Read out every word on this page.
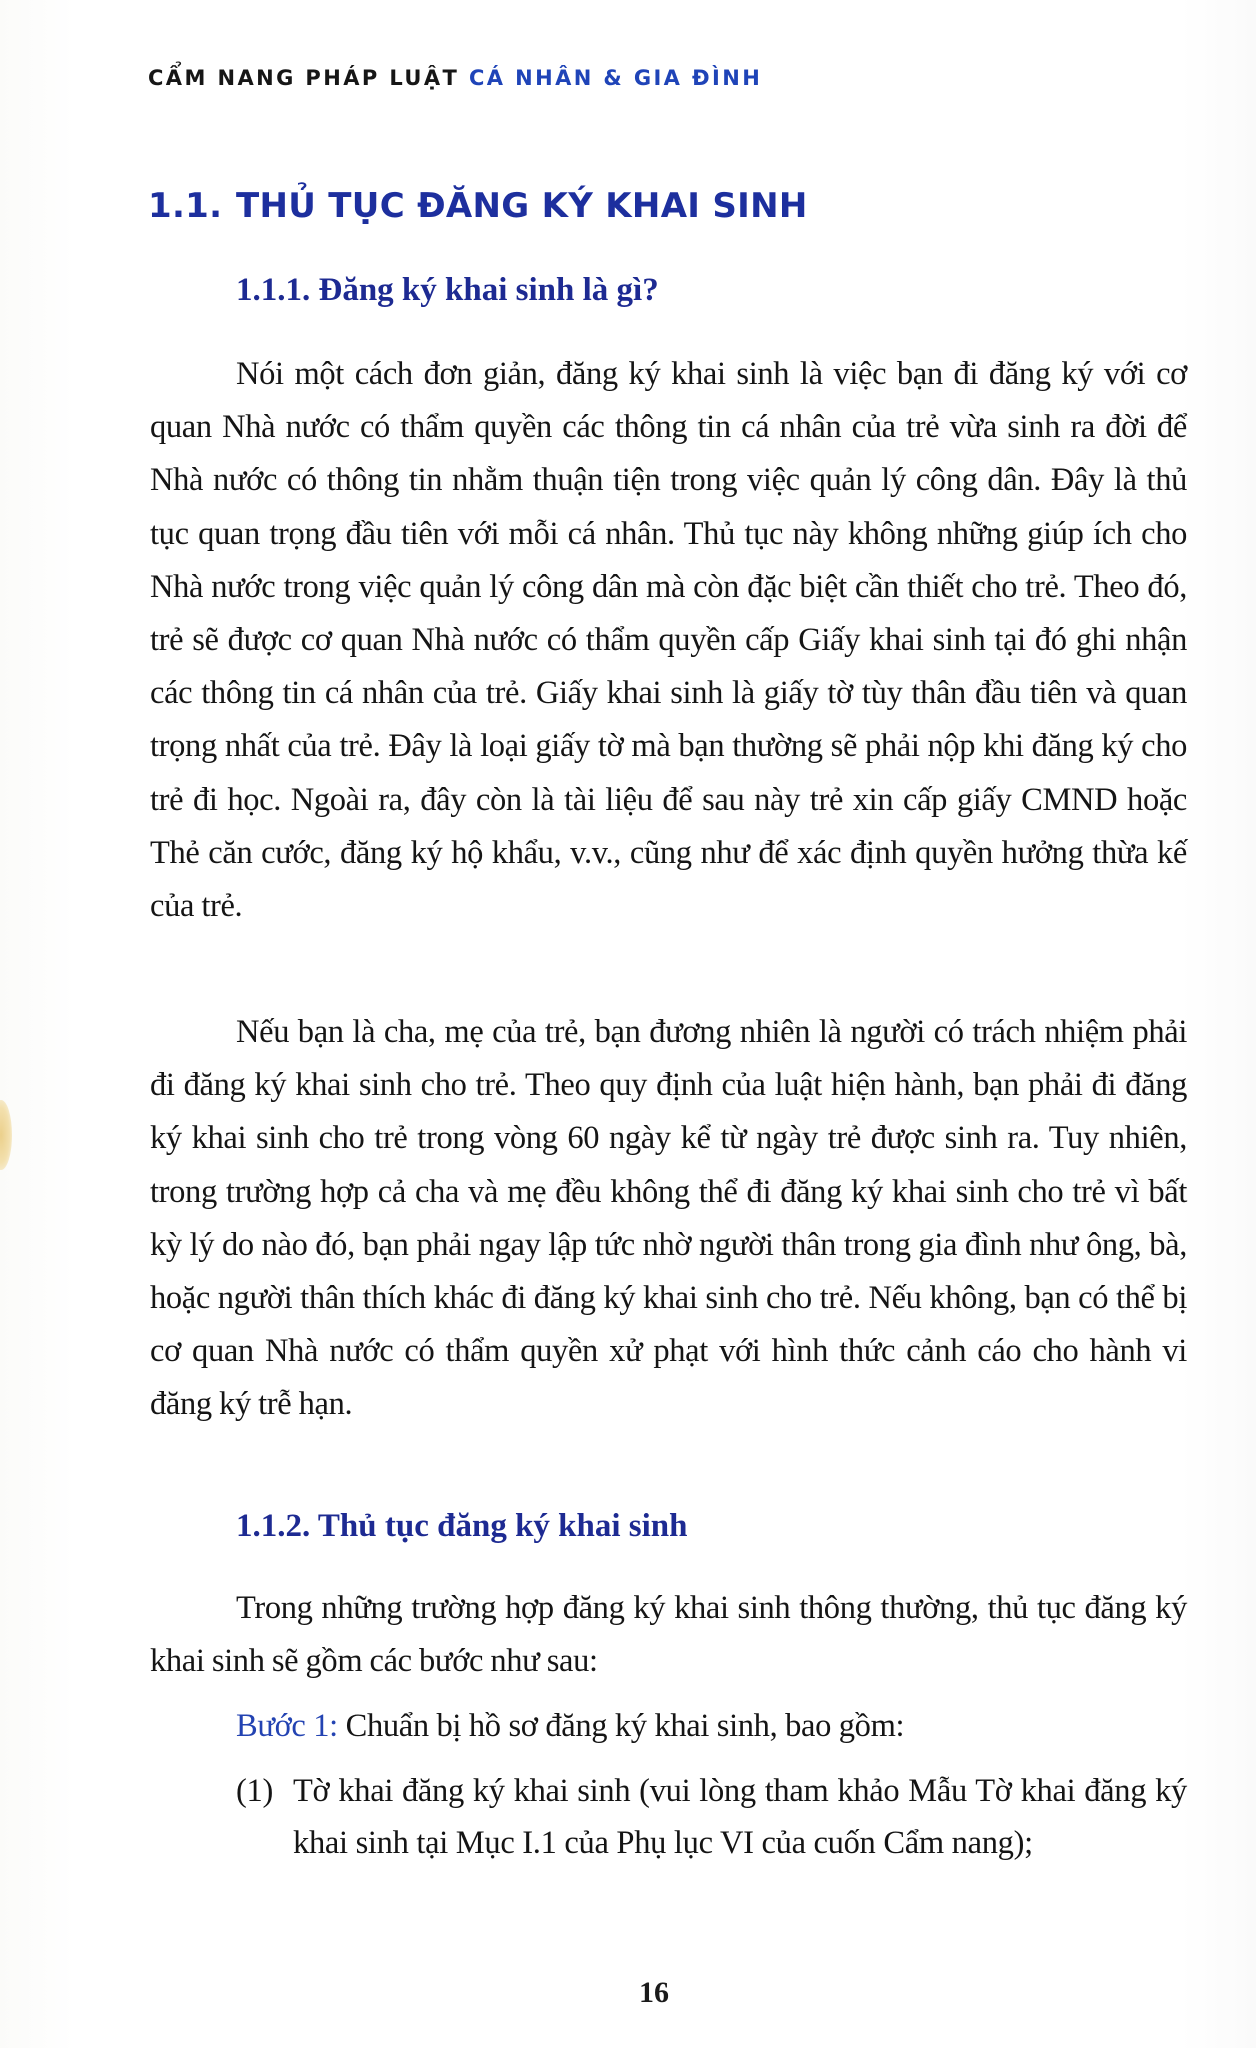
CẨM NANG PHÁP LUẬT CÁ NHÂN & GIA ĐÌNH
1.1. THỦ TỤC ĐĂNG KÝ KHAI SINH
1.1.1. Đăng ký khai sinh là gì?
Nói một cách đơn giản, đăng ký khai sinh là việc bạn đi đăng ký với cơ quan Nhà nước có thẩm quyền các thông tin cá nhân của trẻ vừa sinh ra đời để Nhà nước có thông tin nhằm thuận tiện trong việc quản lý công dân. Đây là thủ tục quan trọng đầu tiên với mỗi cá nhân. Thủ tục này không những giúp ích cho Nhà nước trong việc quản lý công dân mà còn đặc biệt cần thiết cho trẻ. Theo đó, trẻ sẽ được cơ quan Nhà nước có thẩm quyền cấp Giấy khai sinh tại đó ghi nhận các thông tin cá nhân của trẻ. Giấy khai sinh là giấy tờ tùy thân đầu tiên và quan trọng nhất của trẻ. Đây là loại giấy tờ mà bạn thường sẽ phải nộp khi đăng ký cho trẻ đi học. Ngoài ra, đây còn là tài liệu để sau này trẻ xin cấp giấy CMND hoặc Thẻ căn cước, đăng ký hộ khẩu, v.v., cũng như để xác định quyền hưởng thừa kế của trẻ.
Nếu bạn là cha, mẹ của trẻ, bạn đương nhiên là người có trách nhiệm phải đi đăng ký khai sinh cho trẻ. Theo quy định của luật hiện hành, bạn phải đi đăng ký khai sinh cho trẻ trong vòng 60 ngày kể từ ngày trẻ được sinh ra. Tuy nhiên, trong trường hợp cả cha và mẹ đều không thể đi đăng ký khai sinh cho trẻ vì bất kỳ lý do nào đó, bạn phải ngay lập tức nhờ người thân trong gia đình như ông, bà, hoặc người thân thích khác đi đăng ký khai sinh cho trẻ. Nếu không, bạn có thể bị cơ quan Nhà nước có thẩm quyền xử phạt với hình thức cảnh cáo cho hành vi đăng ký trễ hạn.
1.1.2. Thủ tục đăng ký khai sinh
Trong những trường hợp đăng ký khai sinh thông thường, thủ tục đăng ký khai sinh sẽ gồm các bước như sau:
Bước 1: Chuẩn bị hồ sơ đăng ký khai sinh, bao gồm:
(1) Tờ khai đăng ký khai sinh (vui lòng tham khảo Mẫu Tờ khai đăng ký khai sinh tại Mục I.1 của Phụ lục VI của cuốn Cẩm nang);
16
